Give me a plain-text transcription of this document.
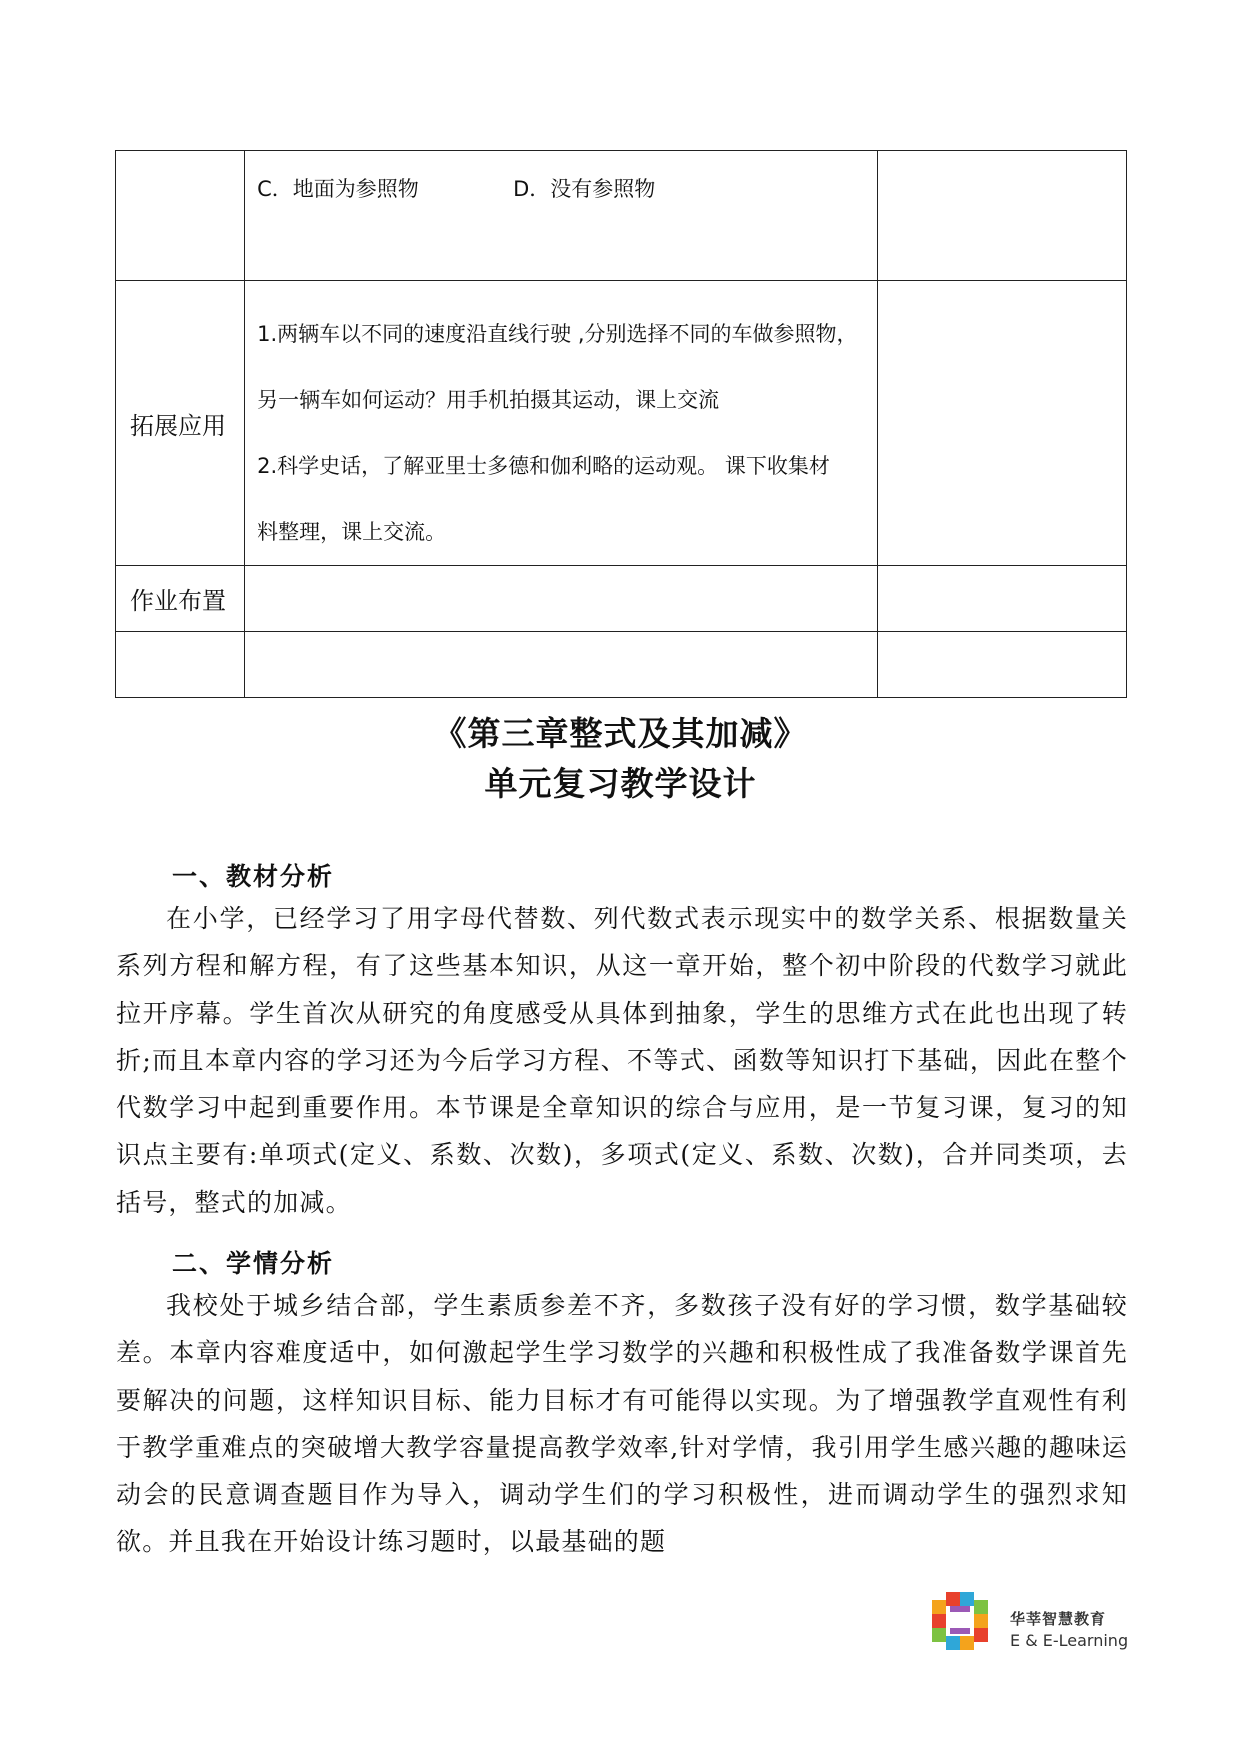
	C．地面为参照物 D．没有参照物	

拓展应用	1.两辆车以不同的速度沿直线行驶 ,分别选择不同的车做参照物，

另一辆车如何运动？用手机拍摄其运动，课上交流

2.科学史话，了解亚里士多德和伽利略的运动观。 课下收集材

料整理，课上交流。	

作业布置		

《第三章整式及其加减》
单元复习教学设计
一、教材分析

在小学，已经学习了用字母代替数、列代数式表示现实中的数学关系、根据数量关系列方程和解方程，有了这些基本知识，从这一章开始，整个初中阶段的代数学习就此拉开序幕。学生首次从研究的角度感受从具体到抽象，学生的思维方式在此也出现了转折;而且本章内容的学习还为今后学习方程、不等式、函数等知识打下基础，因此在整个代数学习中起到重要作用。本节课是全章知识的综合与应用，是一节复习课，复习的知识点主要有:单项式(定义、系数、次数)，多项式(定义、系数、次数)，合并同类项，去括号，整式的加减。

二、学情分析

我校处于城乡结合部，学生素质参差不齐，多数孩子没有好的学习惯，数学基础较差。本章内容难度适中，如何激起学生学习数学的兴趣和积极性成了我准备数学课首先要解决的问题，这样知识目标、能力目标才有可能得以实现。为了增强教学直观性有利于教学重难点的突破增大教学容量提高教学效率,针对学情，我引用学生感兴趣的趣味运动会的民意调查题目作为导入，调动学生们的学习积极性，进而调动学生的强烈求知欲。并且我在开始设计练习题时，以最基础的题

华莘智慧教育
E & E-Learning
